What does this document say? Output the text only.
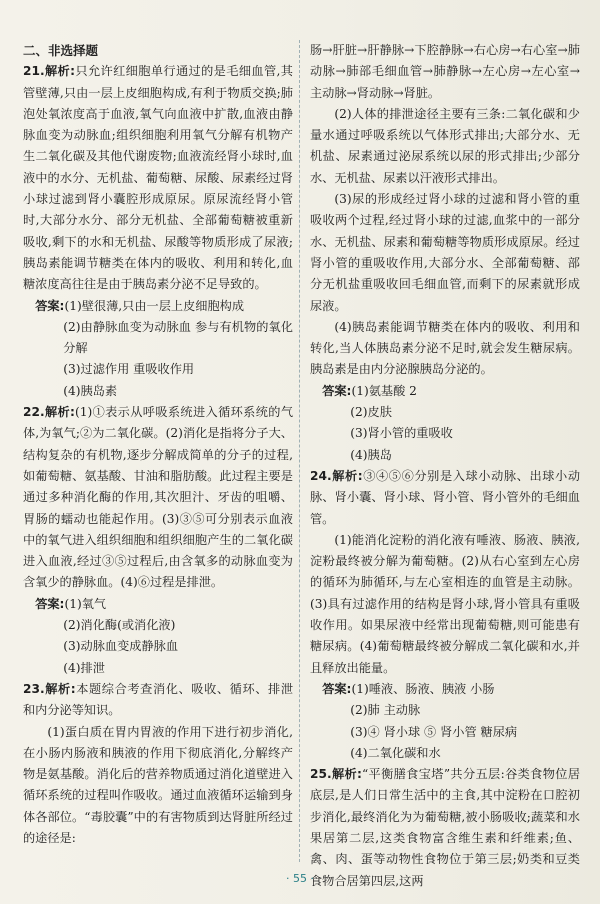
二、非选择题

21.解析:只允许红细胞单行通过的是毛细血管,其管壁薄,只由一层上皮细胞构成,有利于物质交换;肺泡处氧浓度高于血液,氧气向血液中扩散,血液由静脉血变为动脉血;组织细胞利用氧气分解有机物产生二氧化碳及其他代谢废物;血液流经肾小球时,血液中的水分、无机盐、葡萄糖、尿酸、尿素经过肾小球过滤到肾小囊腔形成原尿。原尿流经肾小管时,大部分水分、部分无机盐、全部葡萄糖被重新吸收,剩下的水和无机盐、尿酸等物质形成了尿液;胰岛素能调节糖类在体内的吸收、利用和转化,血糖浓度高往往是由于胰岛素分泌不足导致的。

答案:(1)壁很薄,只由一层上皮细胞构成

(2)由静脉血变为动脉血 参与有机物的氧化分解

(3)过滤作用 重吸收作用

(4)胰岛素

22.解析:(1)①表示从呼吸系统进入循环系统的气体,为氧气;②为二氧化碳。(2)消化是指将分子大、结构复杂的有机物,逐步分解成简单的分子的过程,如葡萄糖、氨基酸、甘油和脂肪酸。此过程主要是通过多种消化酶的作用,其次胆汁、牙齿的咀嚼、胃肠的蠕动也能起作用。(3)③⑤可分别表示血液中的氧气进入组织细胞和组织细胞产生的二氧化碳进入血液,经过③⑤过程后,由含氧多的动脉血变为含氧少的静脉血。(4)⑥过程是排泄。

答案:(1)氧气

(2)消化酶(或消化液)

(3)动脉血变成静脉血

(4)排泄

23.解析:本题综合考查消化、吸收、循环、排泄和内分泌等知识。

(1)蛋白质在胃内胃液的作用下进行初步消化,在小肠内肠液和胰液的作用下彻底消化,分解终产物是氨基酸。消化后的营养物质通过消化道壁进入循环系统的过程叫作吸收。通过血液循环运输到身体各部位。“毒胶囊”中的有害物质到达肾脏所经过的途径是:

肠→肝脏→肝静脉→下腔静脉→右心房→右心室→肺动脉→肺部毛细血管→肺静脉→左心房→左心室→主动脉→肾动脉→肾脏。

(2)人体的排泄途径主要有三条:二氧化碳和少量水通过呼吸系统以气体形式排出;大部分水、无机盐、尿素通过泌尿系统以尿的形式排出;少部分水、无机盐、尿素以汗液形式排出。

(3)尿的形成经过肾小球的过滤和肾小管的重吸收两个过程,经过肾小球的过滤,血浆中的一部分水、无机盐、尿素和葡萄糖等物质形成原尿。经过肾小管的重吸收作用,大部分水、全部葡萄糖、部分无机盐重吸收回毛细血管,而剩下的尿素就形成尿液。

(4)胰岛素能调节糖类在体内的吸收、利用和转化,当人体胰岛素分泌不足时,就会发生糖尿病。胰岛素是由内分泌腺胰岛分泌的。

答案:(1)氨基酸 2

(2)皮肤

(3)肾小管的重吸收

(4)胰岛

24.解析:③④⑤⑥分别是入球小动脉、出球小动脉、肾小囊、肾小球、肾小管、肾小管外的毛细血管。

(1)能消化淀粉的消化液有唾液、肠液、胰液,淀粉最终被分解为葡萄糖。(2)从右心室到左心房的循环为肺循环,与左心室相连的血管是主动脉。(3)具有过滤作用的结构是肾小球,肾小管具有重吸收作用。如果尿液中经常出现葡萄糖,则可能患有糖尿病。(4)葡萄糖最终被分解成二氧化碳和水,并且释放出能量。

答案:(1)唾液、肠液、胰液 小肠

(2)肺 主动脉

(3)④ 肾小球 ⑤ 肾小管 糖尿病

(4)二氧化碳和水

25.解析:“平衡膳食宝塔”共分五层:谷类食物位居底层,是人们日常生活中的主食,其中淀粉在口腔初步消化,最终消化为为葡萄糖,被小肠吸收;蔬菜和水果居第二层,这类食物富含维生素和纤维素;鱼、禽、肉、蛋等动物性食物位于第三层;奶类和豆类食物合居第四层,这两

· 55 ·
